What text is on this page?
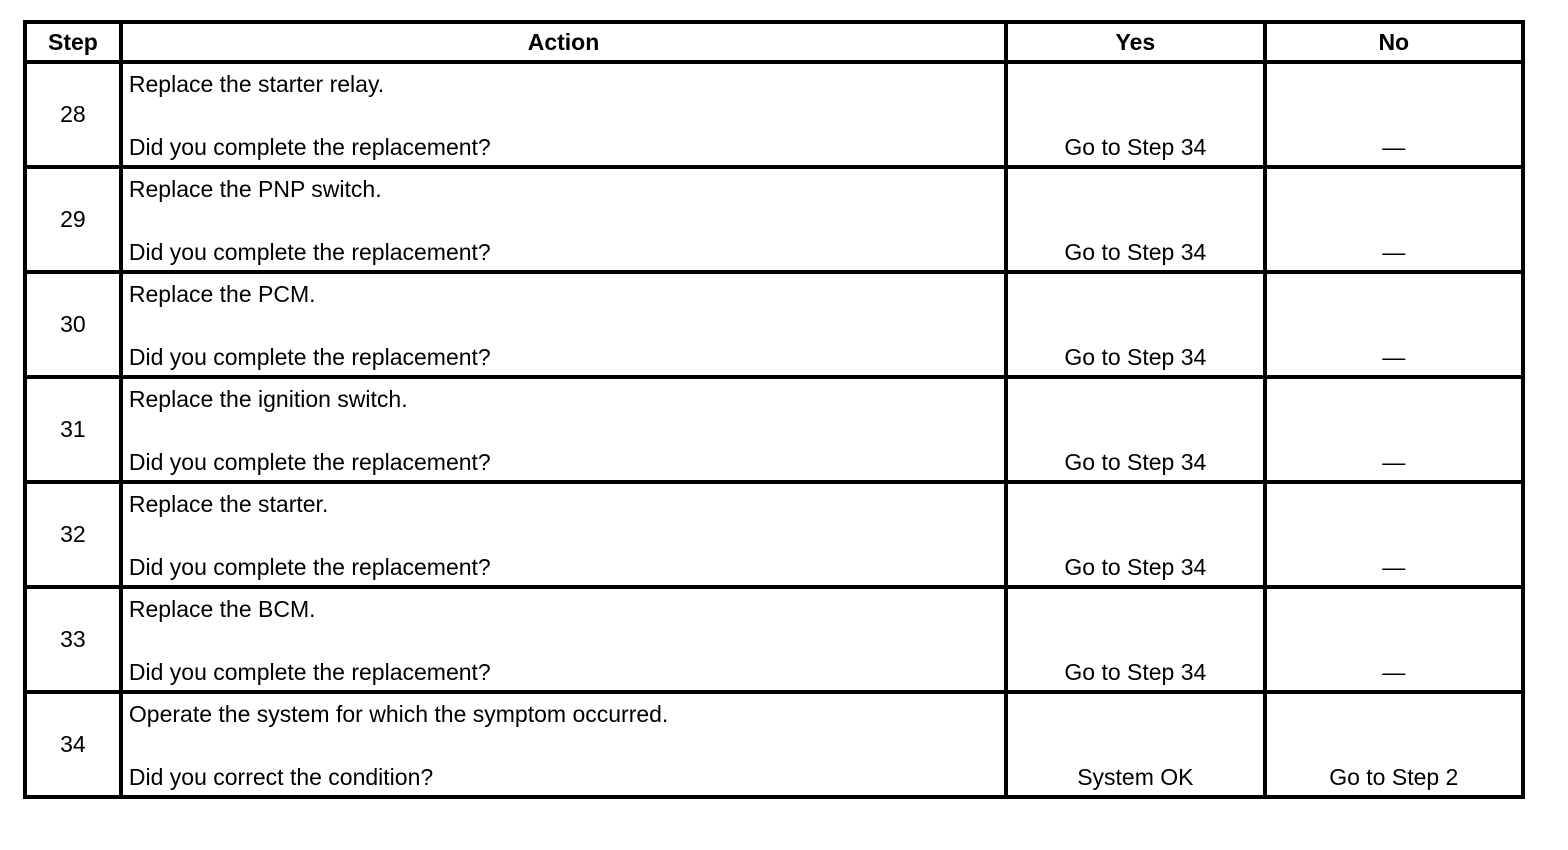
Step	Action	Yes	No
28	Replace the starter relay.
Did you complete the replacement?	Go to Step 34	—

29	Replace the PNP switch.
Did you complete the replacement?	Go to Step 34	—

30	Replace the PCM.
Did you complete the replacement?	Go to Step 34	—

31	Replace the ignition switch.
Did you complete the replacement?	Go to Step 34	—

32	Replace the starter.
Did you complete the replacement?	Go to Step 34	—

33	Replace the BCM.
Did you complete the replacement?	Go to Step 34	—

34	Operate the system for which the symptom occurred.
Did you correct the condition?	System OK	Go to Step 2
